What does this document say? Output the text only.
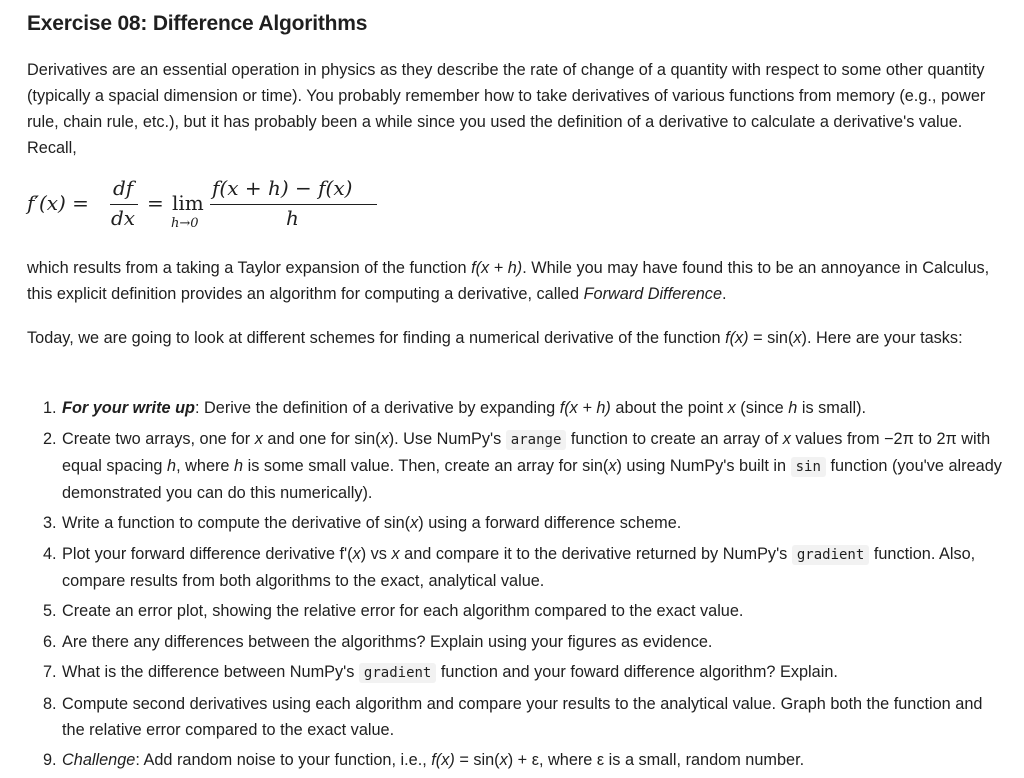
Exercise 08: Difference Algorithms

Derivatives are an essential operation in physics as they describe the rate of change of a quantity with respect to some other quantity (typically a spacial dimension or time). You probably remember how to take derivatives of various functions from memory (e.g., power rule, chain rule, etc.), but it has probably been a while since you used the definition of a derivative to calculate a derivative's value. Recall,

f′(x) =
df
dx
= lim
h→0
f(x + h) − f(x)
h

which results from a taking a Taylor expansion of the function f(x + h). While you may have found this to be an annoyance in Calculus, this explicit definition provides an algorithm for computing a derivative, called Forward Difference.

Today, we are going to look at different schemes for finding a numerical derivative of the function f(x) = sin(x). Here are your tasks:

1. For your write up: Derive the definition of a derivative by expanding f(x + h) about the point x (since h is small).
2. Create two arrays, one for x and one for sin(x). Use NumPy's arange function to create an array of x values from −2π to 2π with equal spacing h, where h is some small value. Then, create an array for sin(x) using NumPy's built in sin function (you've already demonstrated you can do this numerically).
3. Write a function to compute the derivative of sin(x) using a forward difference scheme.
4. Plot your forward difference derivative f'(x) vs x and compare it to the derivative returned by NumPy's gradient function. Also, compare results from both algorithms to the exact, analytical value.
5. Create an error plot, showing the relative error for each algorithm compared to the exact value.
6. Are there any differences between the algorithms? Explain using your figures as evidence.
7. What is the difference between NumPy's gradient function and your foward difference algorithm? Explain.
8. Compute second derivatives using each algorithm and compare your results to the analytical value. Graph both the function and the relative error compared to the exact value.
9. Challenge: Add random noise to your function, i.e., f(x) = sin(x) + ε, where ε is a small, random number.
